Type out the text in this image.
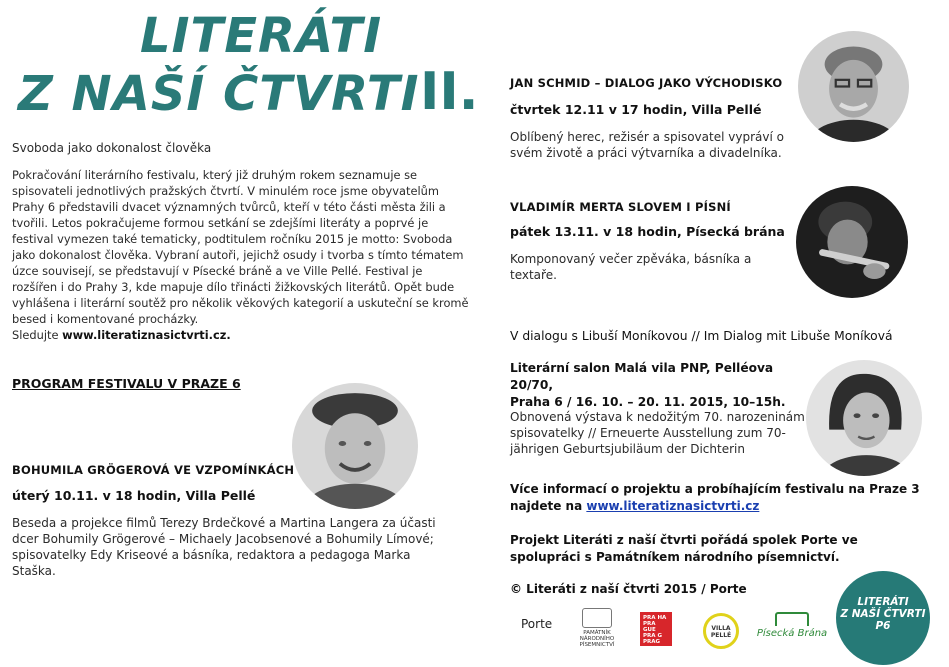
LITERÁTI
Z NAŠÍ ČTVRTI II.
Svoboda jako dokonalost člověka
Pokračování literárního festivalu, který již druhým rokem seznamuje se spisovateli jednotlivých pražských čtvrtí. V minulém roce jsme obyvatelům Prahy 6 představili dvacet významných tvůrců, kteří v této části města žili a tvořili. Letos pokračujeme formou setkání se zdejšími literáty a poprvé je festival vymezen také tematicky, podtitulem ročníku 2015 je motto: Svoboda jako dokonalost člověka. Vybraní autoři, jejichž osudy i tvorba s tímto tématem úzce souvisejí, se představují v Písecké bráně a ve Ville Pellé. Festival je rozšířen i do Prahy 3, kde mapuje dílo třinácti žižkovských literátů. Opět bude vyhlášena i literární soutěž pro několik věkových kategorií a uskuteční se kromě besed i komentované procházky.
Sledujte www.literatiznasictvrti.cz.
PROGRAM FESTIVALU V PRAZE 6
BOHUMILA GRÖGEROVÁ VE VZPOMÍNKÁCH
úterý 10.11. v 18 hodin, Villa Pellé
Beseda a projekce filmů Terezy Brdečkové a Martina Langera za účasti dcer Bohumily Grögerové – Michaely Jacobsenové a Bohumily Límové; spisovatelky Edy Kriseové a básníka, redaktora a pedagoga Marka Staška.
JAN SCHMID – DIALOG JAKO VÝCHODISKO
čtvrtek 12.11 v 17 hodin, Villa Pellé
Oblíbený herec, režisér a spisovatel vypráví o svém životě a práci výtvarníka a divadelníka.
VLADIMÍR MERTA SLOVEM I PÍSNÍ
pátek 13.11. v 18 hodin, Písecká brána
Komponovaný večer zpěváka, básníka a textaře.
V dialogu s Libuší Moníkovou // Im Dialog mit Libuše Moníková
Literární salon Malá vila PNP, Pelléova 20/70,
Praha 6 / 16. 10. – 20. 11. 2015, 10–15h.
Obnovená výstava k nedožitým 70. narozeninám spisovatelky // Erneuerte Ausstellung zum 70-jährigen Geburtsjubiläum der Dichterin
Více informací o projektu a probíhajícím festivalu na Praze 3 najdete na www.literatiznasictvrti.cz
Projekt Literáti z naší čtvrti pořádá spolek Porte ve spolupráci s Památníkem národního písemnictví.
© Literáti z naší čtvrti 2015 / Porte
Porte
PAMÁTNÍK NÁRODNÍHO PÍSEMNICTVÍ
PRA HA PRA GUE PRA G PRAG
VILLA PELLÉ	Písecká Brána
LITERÁTI
Z NAŠÍ ČTVRTI
P6
